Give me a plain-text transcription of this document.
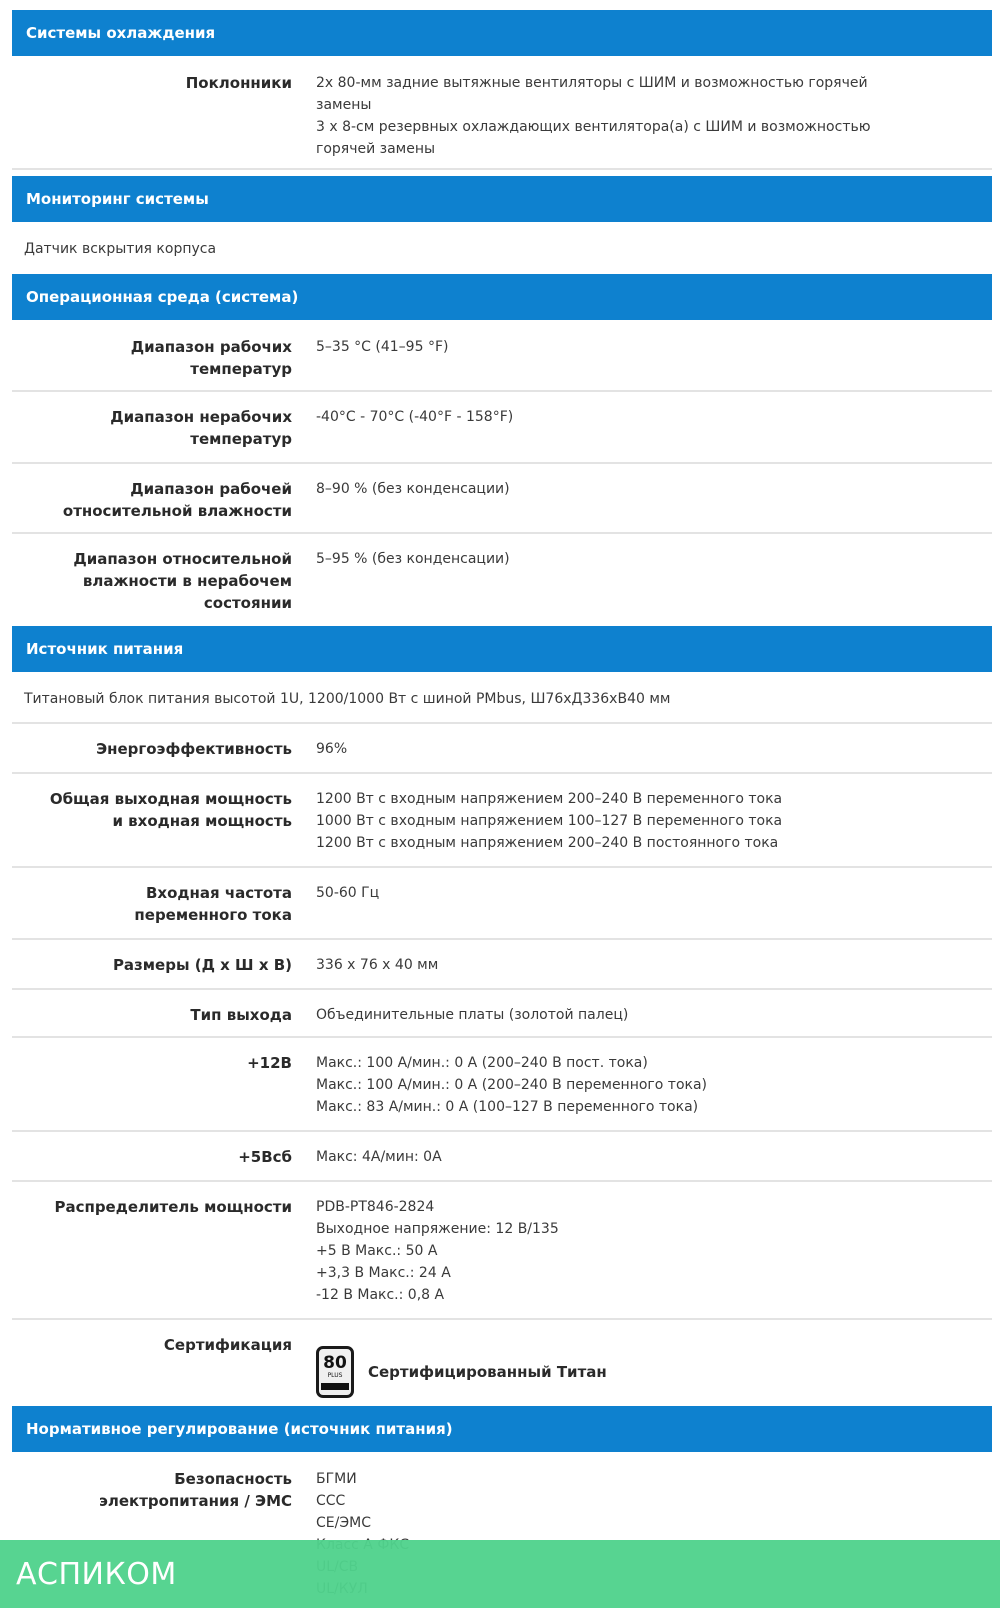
Системы охлаждения
Поклонники 2x 80-мм задние вытяжные вентиляторы с ШИМ и возможностью горячей
замены
3 x 8-см резервных охлаждающих вентилятора(а) с ШИМ и возможностью
горячей замены
Мониторинг системы
Датчик вскрытия корпуса
Операционная среда (система)
Диапазон рабочих
температур
5–35 °C (41–95 °F)
Диапазон нерабочих
температур
-40°C - 70°C (-40°F - 158°F)
Диапазон рабочей
относительной влажности
8–90 % (без конденсации)
Диапазон относительной
влажности в нерабочем
состоянии
5–95 % (без конденсации)
Источник питания
Титановый блок питания высотой 1U, 1200/1000 Вт с шиной PMbus, Ш76хД336хВ40 мм
Энергоэффективность 96%
Общая выходная мощность
и входная мощность
1200 Вт с входным напряжением 200–240 В переменного тока
1000 Вт с входным напряжением 100–127 В переменного тока
1200 Вт с входным напряжением 200–240 В постоянного тока
Входная частота
переменного тока
50-60 Гц
Размеры (Д x Ш x В) 336 x 76 x 40 мм
Тип выхода Объединительные платы (золотой палец)
+12В Макс.: 100 А/мин.: 0 А (200–240 В пост. тока)
Макс.: 100 А/мин.: 0 А (200–240 В переменного тока)
Макс.: 83 А/мин.: 0 А (100–127 В переменного тока)
+5Всб Макс: 4А/мин: 0А
Распределитель мощности PDB-PT846-2824
Выходное напряжение: 12 В/135
+5 В Макс.: 50 А
+3,3 В Макс.: 24 А
-12 В Макс.: 0,8 А
Сертификация
80
PLUS Сертифицированный Титан
Нормативное регулирование (источник питания)
Безопасность
электропитания / ЭМС
БГМИ
CCC
CE/ЭМС
АСПИКОМ
